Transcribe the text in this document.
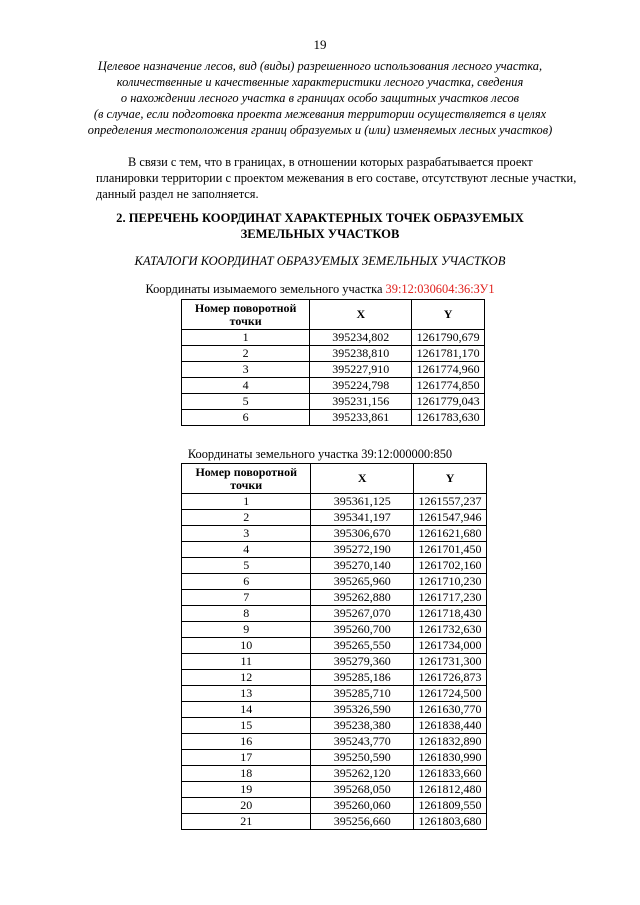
19
Целевое назначение лесов, вид (виды) разрешенного использования лесного участка,
количественные и качественные характеристики лесного участка, сведения
о нахождении лесного участка в границах особо защитных участков лесов
(в случае, если подготовка проекта межевания территории осуществляется в целях
определения местоположения границ образуемых и (или) изменяемых лесных участков)
В связи с тем, что в границах, в отношении которых разрабатывается проект
планировки территории с проектом межевания в его составе, отсутствуют лесные участки,
данный раздел не заполняется.
2. ПЕРЕЧЕНЬ КООРДИНАТ ХАРАКТЕРНЫХ ТОЧЕК ОБРАЗУЕМЫХ
ЗЕМЕЛЬНЫХ УЧАСТКОВ
КАТАЛОГИ КООРДИНАТ ОБРАЗУЕМЫХ ЗЕМЕЛЬНЫХ УЧАСТКОВ
Координаты изымаемого земельного участка 39:12:030604:36:ЗУ1
Номер поворотной точки	X	Y
1	395234,802	1261790,679
2	395238,810	1261781,170
3	395227,910	1261774,960
4	395224,798	1261774,850
5	395231,156	1261779,043
6	395233,861	1261783,630
Координаты земельного участка 39:12:000000:850
Номер поворотной точки	X	Y
1	395361,125	1261557,237
2	395341,197	1261547,946
3	395306,670	1261621,680
4	395272,190	1261701,450
5	395270,140	1261702,160
6	395265,960	1261710,230
7	395262,880	1261717,230
8	395267,070	1261718,430
9	395260,700	1261732,630
10	395265,550	1261734,000
11	395279,360	1261731,300
12	395285,186	1261726,873
13	395285,710	1261724,500
14	395326,590	1261630,770
15	395238,380	1261838,440
16	395243,770	1261832,890
17	395250,590	1261830,990
18	395262,120	1261833,660
19	395268,050	1261812,480
20	395260,060	1261809,550
21	395256,660	1261803,680
